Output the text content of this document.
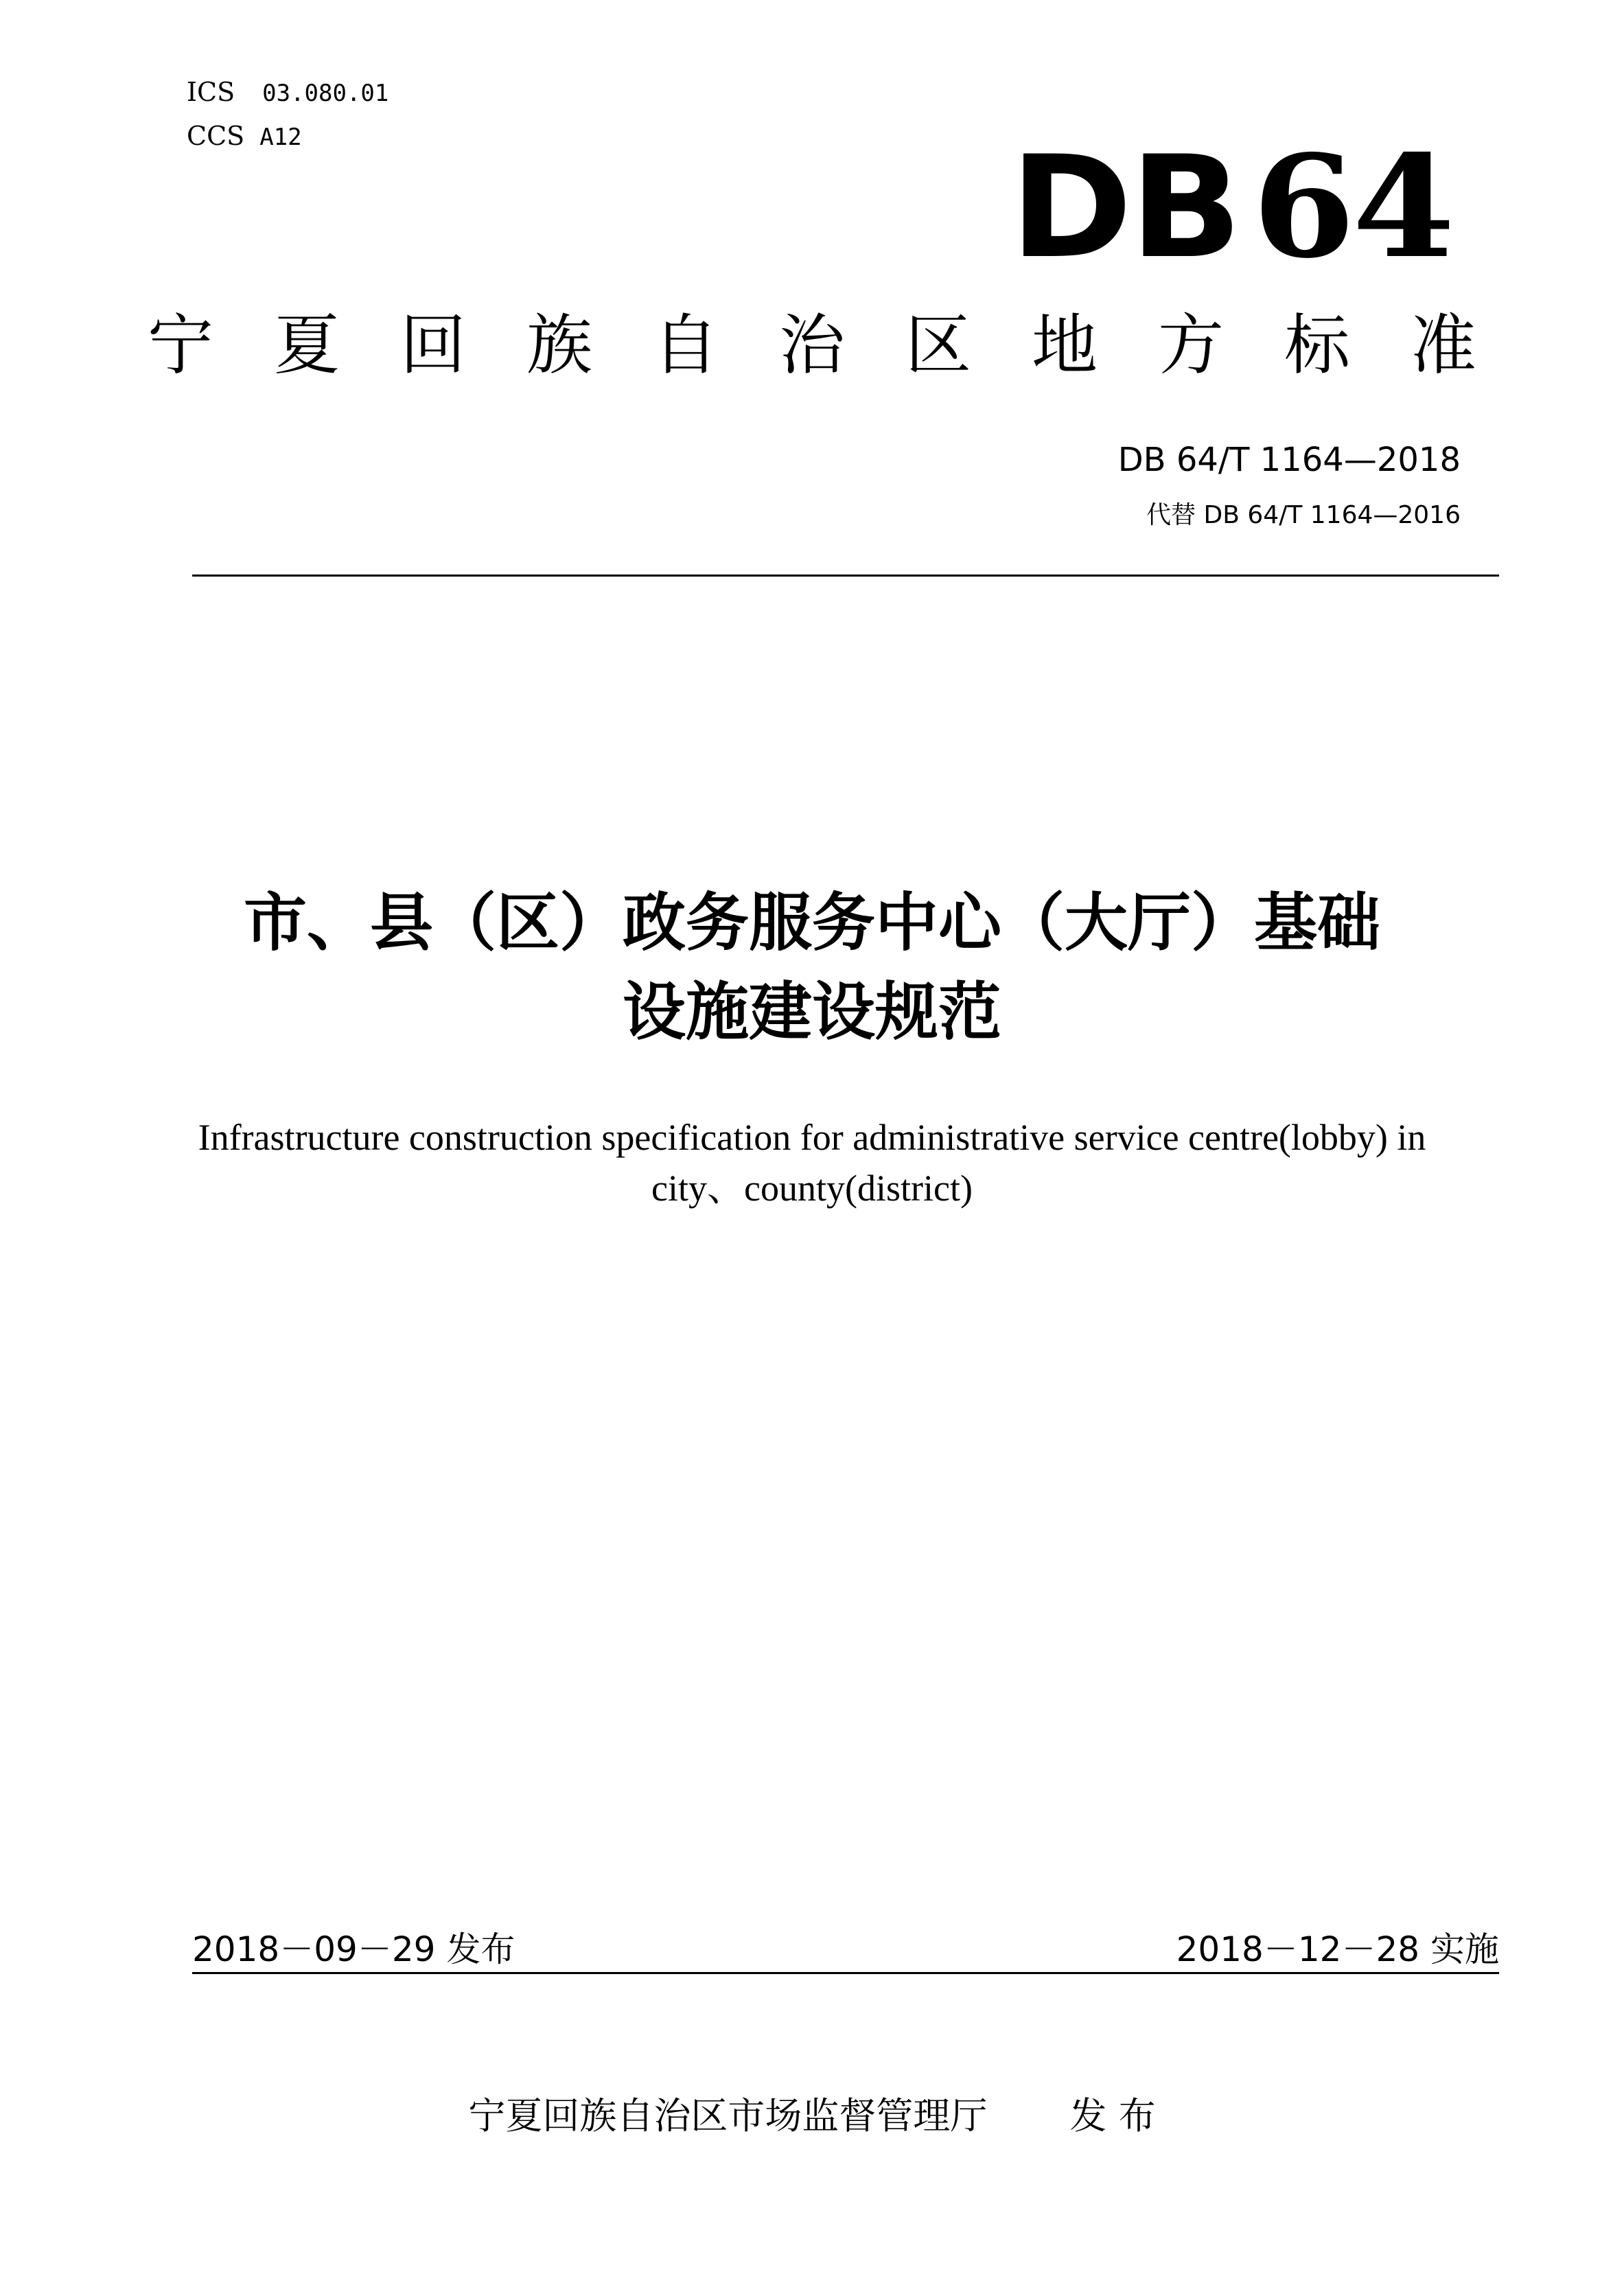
ICS 03.080.01
CCS A12	DB64
宁夏回族自治区地方标准
DB 64/T 1164—2018
代替 DB 64/T 1164—2016
市、县（区）政务服务中心（大厅）基础
设施建设规范
Infrastructure construction specification for administrative service centre(lobby) in
city、county(district)
2018－09－29 发布	2018－12－28 实施
宁夏回族自治区市场监督管理厅 发 布
